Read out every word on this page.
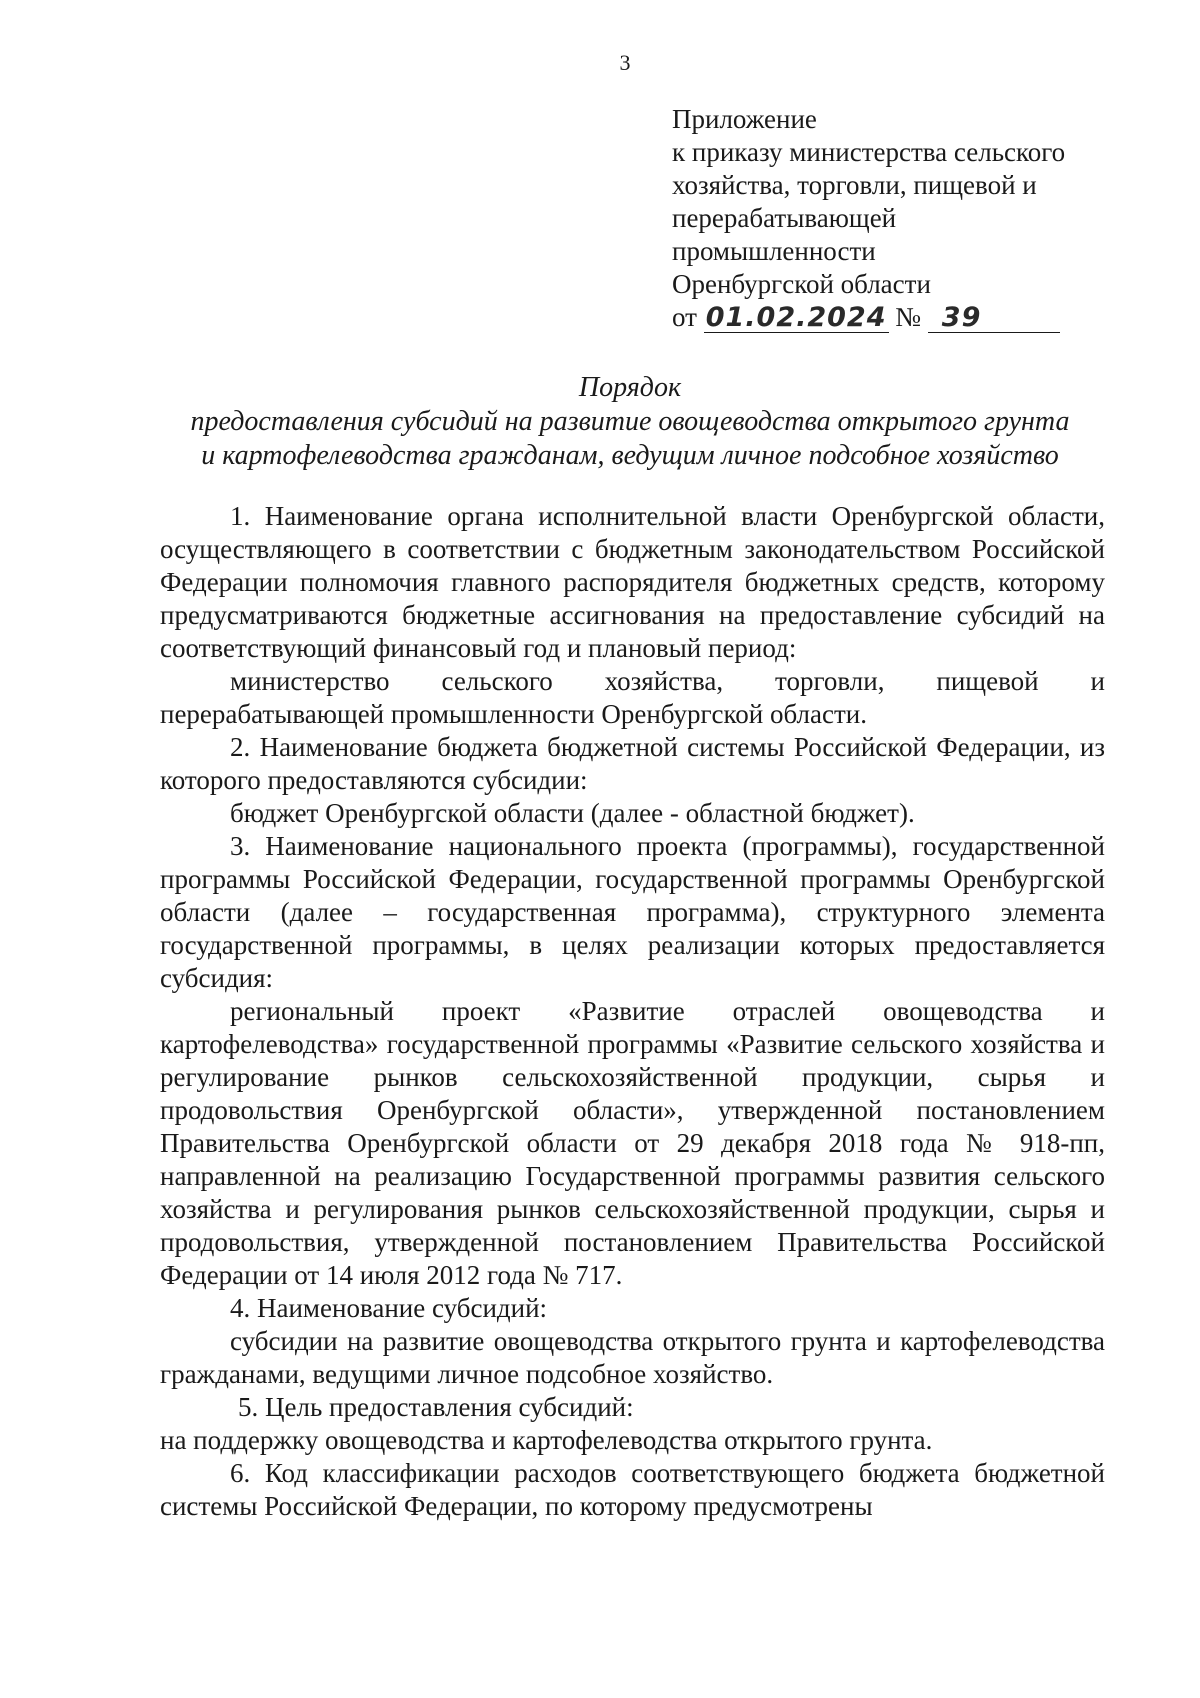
3
Приложение
к приказу министерства сельского
хозяйства, торговли, пищевой и
перерабатывающей
промышленности
Оренбургской области
от 01.02.2024 № 39
Порядок
предоставления субсидий на развитие овощеводства открытого грунта
и картофелеводства гражданам, ведущим личное подсобное хозяйство

1. Наименование органа исполнительной власти Оренбургской области, осуществляющего в соответствии с бюджетным законодательством Российской Федерации полномочия главного распорядителя бюджетных средств, которому предусматриваются бюджетные ассигнования на предоставление субсидий на соответствующий финансовый год и плановый период:

министерство сельского хозяйства, торговли, пищевой и перерабатывающей промышленности Оренбургской области.

2. Наименование бюджета бюджетной системы Российской Федерации, из которого предоставляются субсидии:

бюджет Оренбургской области (далее - областной бюджет).

3. Наименование национального проекта (программы), государственной программы Российской Федерации, государственной программы Оренбургской области (далее – государственная программа), структурного элемента государственной программы, в целях реализации которых предоставляется субсидия:

региональный проект «Развитие отраслей овощеводства и картофелеводства» государственной программы «Развитие сельского хозяйства и регулирование рынков сельскохозяйственной продукции, сырья и продовольствия Оренбургской области», утвержденной постановлением Правительства Оренбургской области от 29 декабря 2018 года № 918-пп, направленной на реализацию Государственной программы развития сельского хозяйства и регулирования рынков сельскохозяйственной продукции, сырья и продовольствия, утвержденной постановлением Правительства Российской Федерации от 14 июля 2012 года № 717.

4. Наименование субсидий:

субсидии на развитие овощеводства открытого грунта и картофелеводства гражданами, ведущими личное подсобное хозяйство.

5. Цель предоставления субсидий:

на поддержку овощеводства и картофелеводства открытого грунта.

6. Код классификации расходов соответствующего бюджета бюджетной системы Российской Федерации, по которому предусмотрены
